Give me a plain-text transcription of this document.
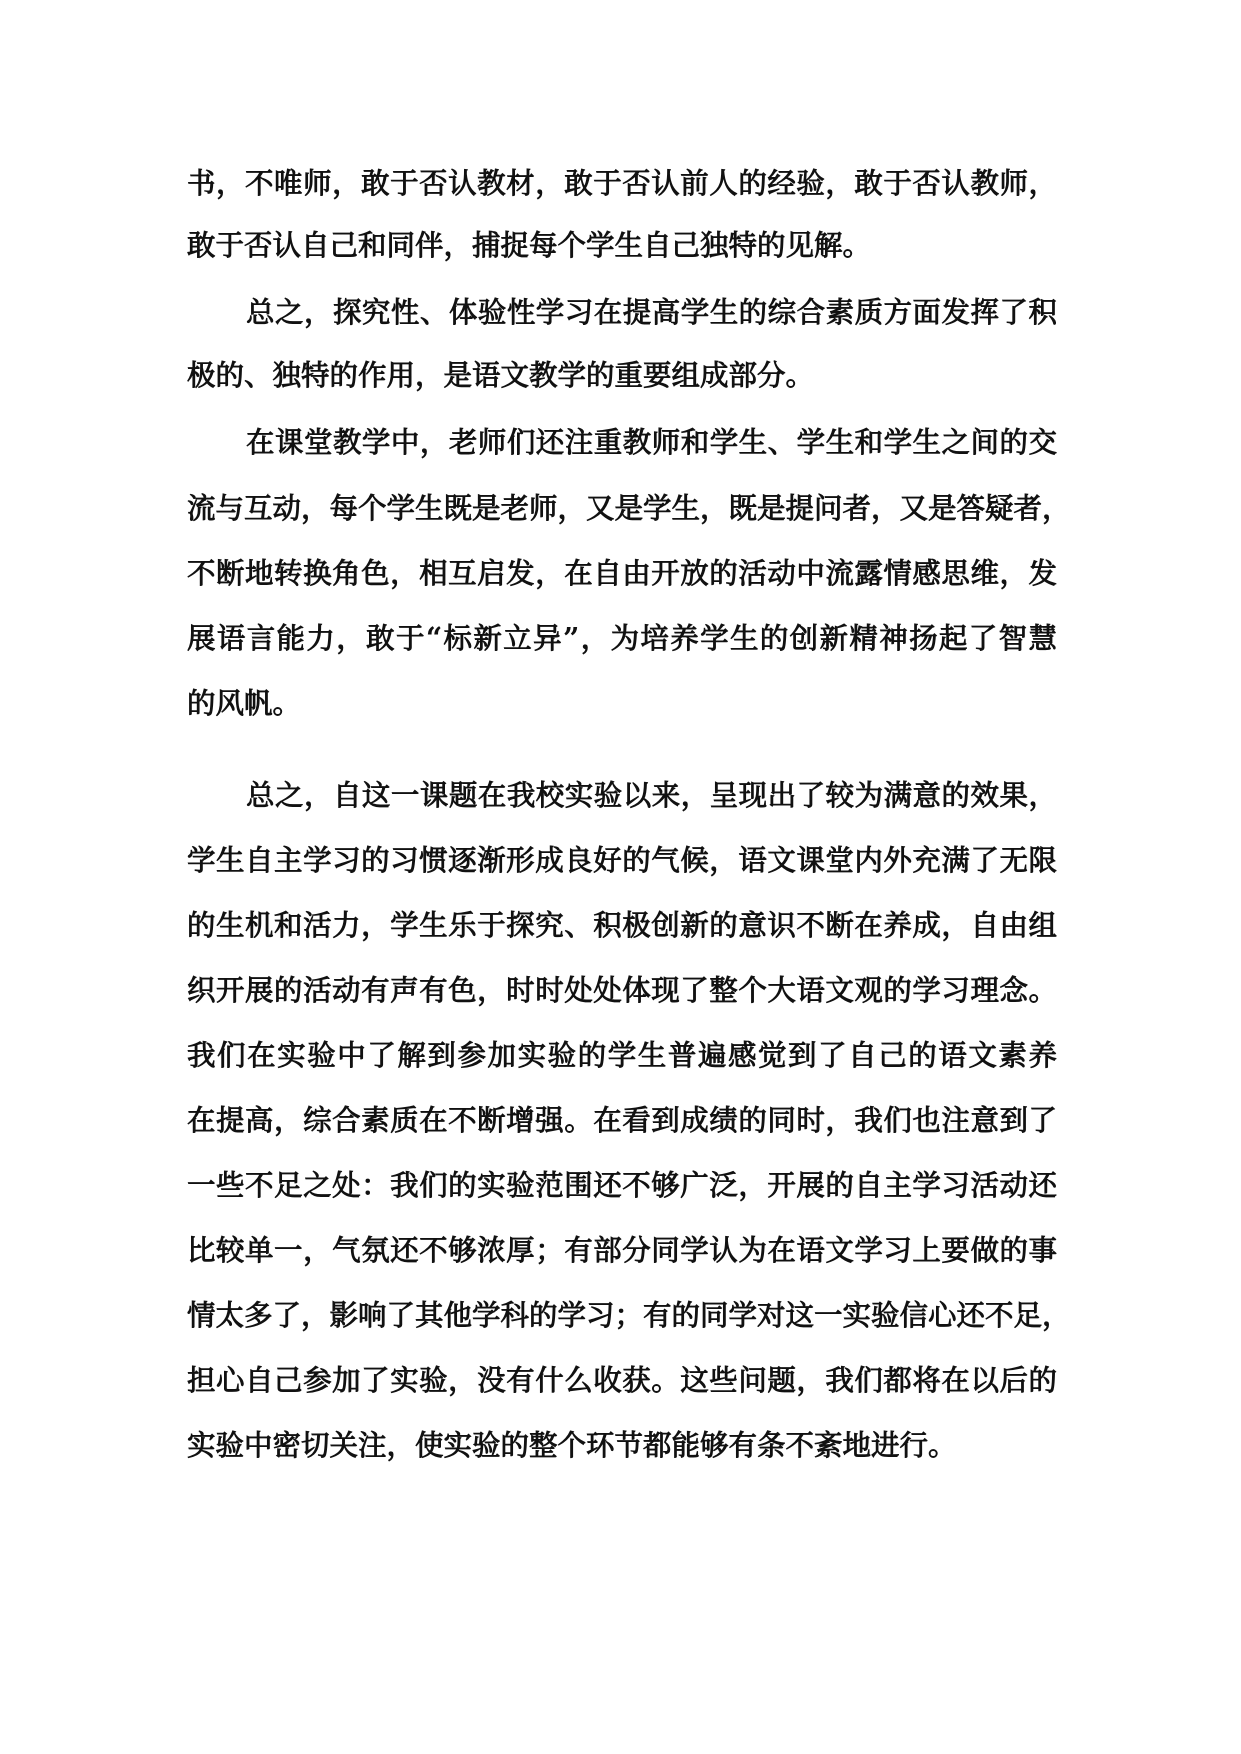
书，不唯师，敢于否认教材，敢于否认前人的经验，敢于否认教师，
敢于否认自己和同伴，捕捉每个学生自己独特的见解。
总之，探究性、体验性学习在提高学生的综合素质方面发挥了积
极的、独特的作用，是语文教学的重要组成部分。
在课堂教学中，老师们还注重教师和学生、学生和学生之间的交
流与互动，每个学生既是老师，又是学生，既是提问者，又是答疑者，
不断地转换角色，相互启发，在自由开放的活动中流露情感思维，发
展语言能力，敢于“标新立异”，为培养学生的创新精神扬起了智慧
的风帆。
总之，自这一课题在我校实验以来，呈现出了较为满意的效果，
学生自主学习的习惯逐渐形成良好的气候，语文课堂内外充满了无限
的生机和活力，学生乐于探究、积极创新的意识不断在养成，自由组
织开展的活动有声有色，时时处处体现了整个大语文观的学习理念。
我们在实验中了解到参加实验的学生普遍感觉到了自己的语文素养
在提高，综合素质在不断增强。在看到成绩的同时，我们也注意到了
一些不足之处：我们的实验范围还不够广泛，开展的自主学习活动还
比较单一，气氛还不够浓厚；有部分同学认为在语文学习上要做的事
情太多了，影响了其他学科的学习；有的同学对这一实验信心还不足，
担心自己参加了实验，没有什么收获。这些问题，我们都将在以后的
实验中密切关注，使实验的整个环节都能够有条不紊地进行。
